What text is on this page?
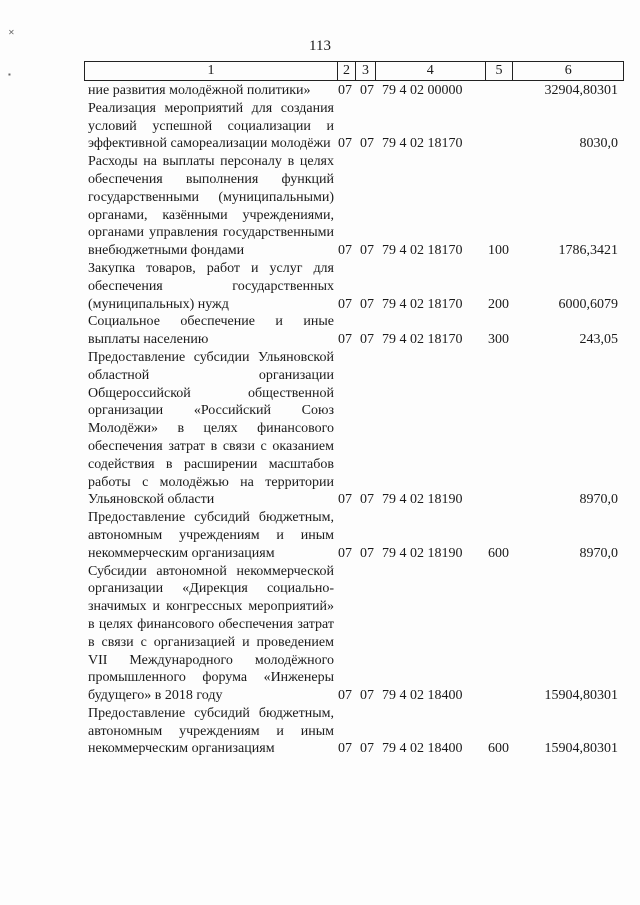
✕
▪
113
1	2 3	4	5	6
ние развития молодёжной политики»	07 07 79 4 02 00000	32904,80301
Реализация мероприятий для создания условий успешной социализации и эффективной самореализации молодёжи 07 07 79 4 02 18170	8030,0
Расходы на выплаты персоналу в целях обеспечения выполнения функций государственными (муниципальными) органами, казёнными учреждениями, органами управления государственными внебюджетными фондами	07 07 79 4 02 18170	100	1786,3421
Закупка товаров, работ и услуг для обеспечения государственных (муниципальных) нужд	07 07 79 4 02 18170	200	6000,6079
Социальное обеспечение и иные выплаты населению	07 07 79 4 02 18170	300	243,05
Предоставление субсидии Ульяновской областной организации Общероссийской общественной организации «Российский Союз Молодёжи» в целях финансового обеспечения затрат в связи с оказанием содействия в расширении масштабов работы с молодёжью на территории Ульяновской области	07 07 79 4 02 18190	8970,0
Предоставление субсидий бюджетным, автономным учреждениям и иным некоммерческим организациям	07 07 79 4 02 18190	600	8970,0
Субсидии автономной некоммерческой организации «Дирекция социально-значимых и конгрессных мероприятий» в целях финансового обеспечения затрат в связи с организацией и проведением VII Международного молодёжного промышленного форума «Инженеры будущего» в 2018 году	07 07 79 4 02 18400	15904,80301
Предоставление субсидий бюджетным, автономным учреждениям и иным некоммерческим организациям	07 07 79 4 02 18400	600	15904,80301
